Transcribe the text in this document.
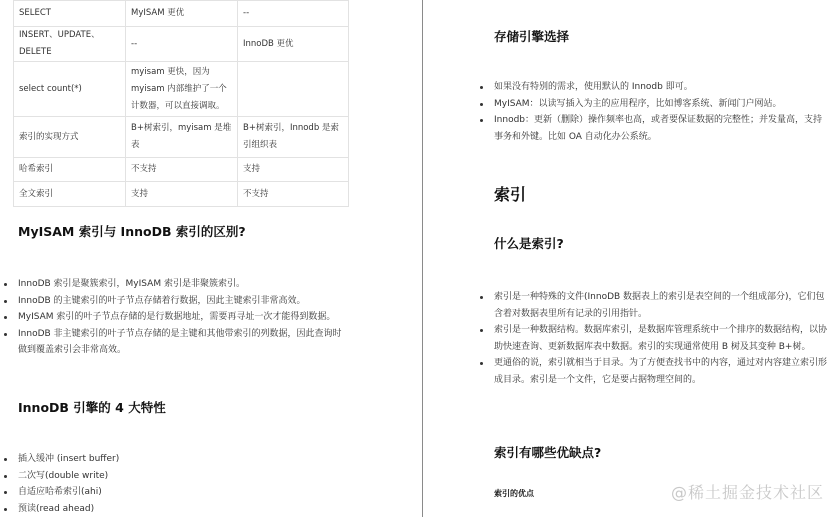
SELECT	MyISAM 更优	--
INSERT、UPDATE、DELETE	--	InnoDB 更优
select count(*)	myisam 更快，因为 myisam 内部维护了一个计数器，可以直接调取。	
索引的实现方式	B+树索引，myisam 是堆表	B+树索引，Innodb 是索引组织表
哈希索引	不支持	支持
全文索引	支持	不支持
MyISAM 索引与 InnoDB 索引的区别?
InnoDB 索引是聚簇索引，MyISAM 索引是非聚簇索引。
InnoDB 的主键索引的叶子节点存储着行数据，因此主键索引非常高效。
MyISAM 索引的叶子节点存储的是行数据地址，需要再寻址一次才能得到数据。
InnoDB 非主键索引的叶子节点存储的是主键和其他带索引的列数据，因此查询时做到覆盖索引会非常高效。
InnoDB 引擎的 4 大特性
插入缓冲 (insert buffer)
二次写(double write)
自适应哈希索引(ahi)
预读(read ahead)
存储引擎选择
如果没有特别的需求，使用默认的 Innodb 即可。
MyISAM：以读写插入为主的应用程序，比如博客系统、新闻门户网站。
Innodb：更新（删除）操作频率也高，或者要保证数据的完整性；并发量高，支持事务和外键。比如 OA 自动化办公系统。
索引
什么是索引?
索引是一种特殊的文件(InnoDB 数据表上的索引是表空间的一个组成部分)，它们包含着对数据表里所有记录的引用指针。
索引是一种数据结构。数据库索引，是数据库管理系统中一个排序的数据结构，以协助快速查询、更新数据库表中数据。索引的实现通常使用 B 树及其变种 B+树。
更通俗的说，索引就相当于目录。为了方便查找书中的内容，通过对内容建立索引形成目录。索引是一个文件，它是要占据物理空间的。
索引有哪些优缺点?
索引的优点	@稀土掘金技术社区
